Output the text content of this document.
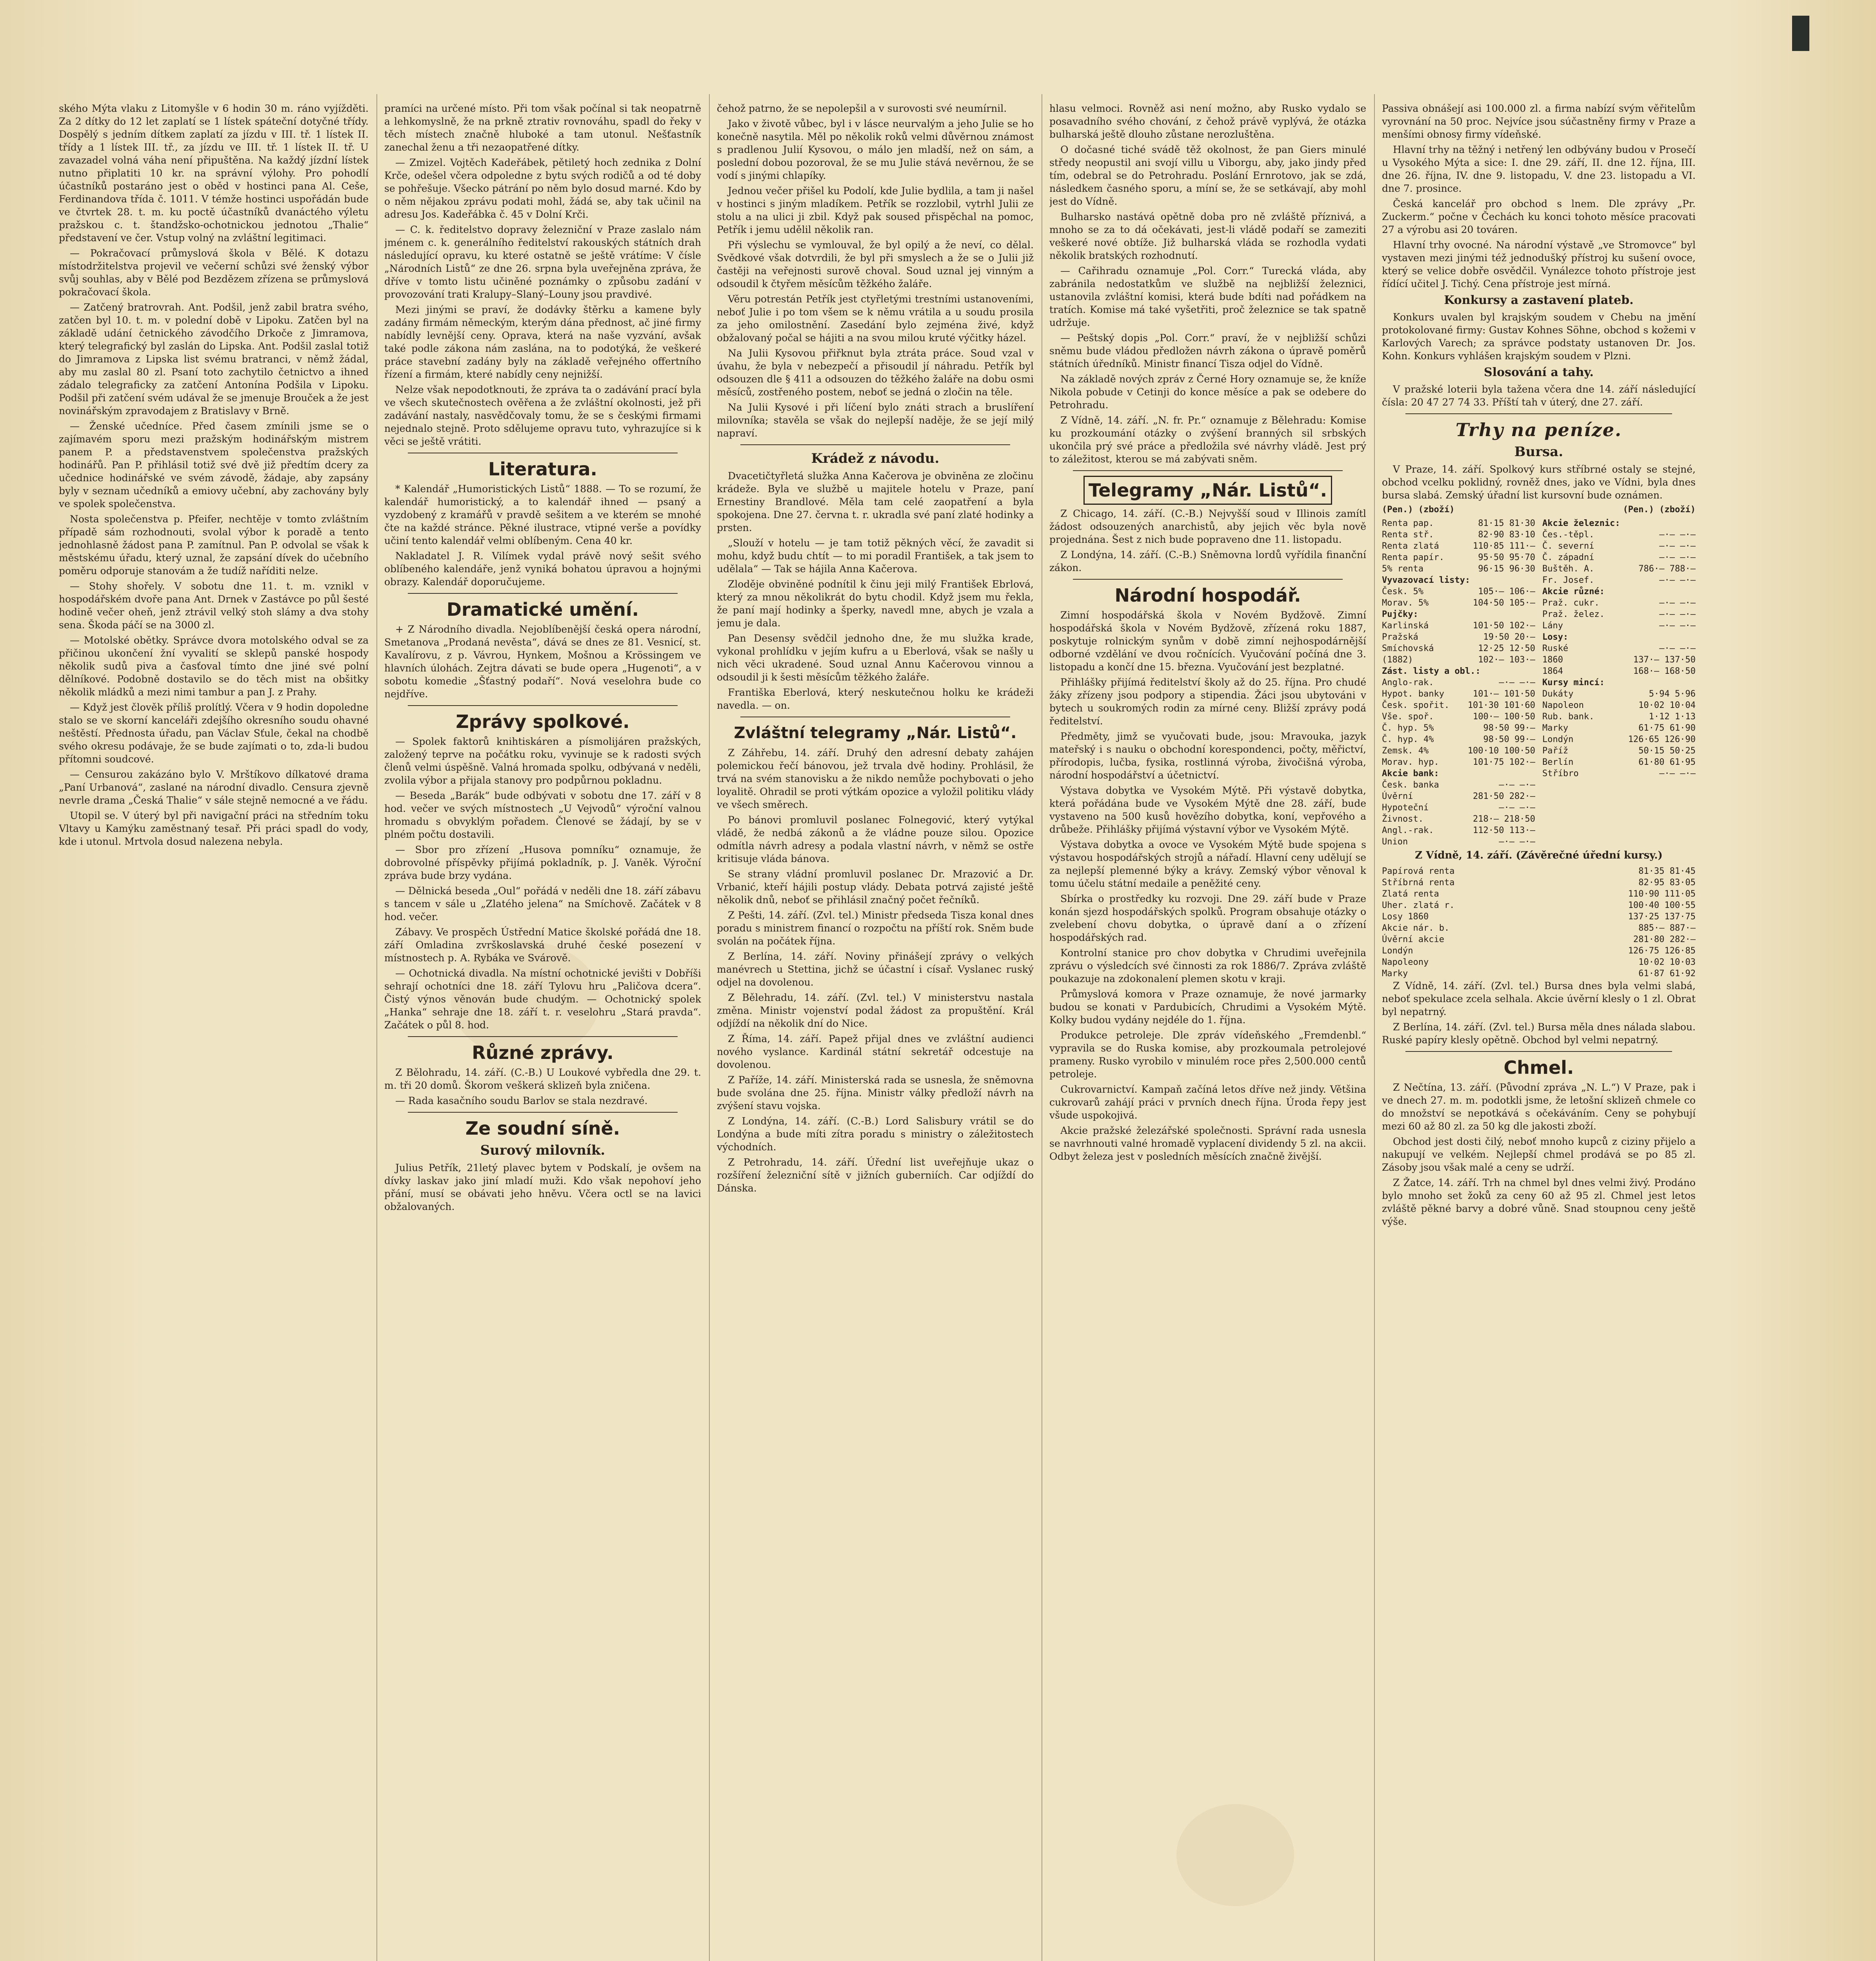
ského Mýta vlaku z Litomyšle v 6 hodin 30 m. ráno vyjížděti. Za 2 dítky do 12 let zaplatí se 1 lístek spáteční dotyčné třídy. Dospělý s jedním dítkem zaplatí za jízdu v III. tř. 1 lístek II. třídy a 1 lístek III. tř., za jízdu ve III. tř. 1 lístek II. tř. U zavazadel volná váha není připuštěna. Na každý jízdní lístek nutno připlatiti 10 kr. na správní výlohy. Pro pohodlí účastníků postaráno jest o oběd v hostinci pana Al. Ceše, Ferdinandova třída č. 1011. V témže hostinci uspořádán bude ve čtvrtek 28. t. m. ku poctě účastníků dvanáctého výletu pražskou c. t. štandžsko-ochotnickou jednotou „Thalie“ představení ve čer. Vstup volný na zvláštní legitimaci.

— Pokračovací průmyslová škola v Bělé. K dotazu místodržitelstva projevil ve večerní schůzi své ženský výbor svůj souhlas, aby v Bělé pod Bezdězem zřízena se průmyslová pokračovací škola.

— Zatčený bratrovrah. Ant. Podšil, jenž zabil bratra svého, zatčen byl 10. t. m. v polední době v Lipoku. Zatčen byl na základě udání četnického závodčího Drkoče z Jimramova, který telegrafický byl zaslán do Lipska. Ant. Podšil zaslal totiž do Jimramova z Lipska list svému bratranci, v němž žádal, aby mu zaslal 80 zl. Psaní toto zachytilo četnictvo a ihned zádalo telegraficky za zatčení Antonína Podšila v Lipoku. Podšil při zatčení svém udával že se jmenuje Brouček a že jest novinářským zpravodajem z Bratislavy v Brně.

— Ženské učedníce. Před časem zmínili jsme se o zajímavém sporu mezi pražským hodinářským mistrem panem P. a představenstvem společenstva pražských hodinářů. Pan P. přihlásil totiž své dvě již předtím dcery za učednice hodinářské ve svém závodě, žádaje, aby zapsány byly v seznam učedníků a emiovy učební, aby zachovány byly ve spolek společenstva.

Nosta společenstva p. Pfeifer, nechtěje v tomto zvláštním případě sám rozhodnouti, svolal výbor k poradě a tento jednohlasně žádost pana P. zamítnul. Pan P. odvolal se však k městskému úřadu, který uznal, že zapsání dívek do učebního poměru odporuje stanovám a že tudíž naříditi nelze.

— Stohy shořely. V sobotu dne 11. t. m. vznikl v hospodářském dvoře pana Ant. Drnek v Zastávce po půl šesté hodině večer oheň, jenž ztrávil velký stoh slámy a dva stohy sena. Škoda páčí se na 3000 zl.

— Motolské obětky. Správce dvora motolského odval se za přičinou ukončení žní vyvalití se sklepů panské hospody několik sudů piva a časťoval tímto dne jiné své polní dělníkové. Podobně dostavilo se do těch mist na obšitky několik mládků a mezi nimi tambur a pan J. z Prahy.

— Když jest člověk příliš prolítlý. Včera v 9 hodin dopoledne stalo se ve skorní kanceláři zdejšího okresního soudu ohavné neštěstí. Přednosta úřadu, pan Václav Sťule, čekal na chodbě svého okresu podávaje, že se bude zajímati o to, zda-li budou přítomni soudcové.

— Censurou zakázáno bylo V. Mrštíkovo dílkatové drama „Paní Urbanová“, zaslané na národní divadlo. Censura zjevně nevrle drama „Česká Thalie“ v sále stejně nemocné a ve řádu.

Utopil se. V úterý byl při navigační práci na středním toku Vltavy u Kamýku zaměstnaný tesař. Při práci spadl do vody, kde i utonul. Mrtvola dosud nalezena nebyla.

pramíci na určené místo. Při tom však počínal si tak neopatrně a lehkomyslně, že na prkně ztrativ rovnováhu, spadl do řeky v těch místech značně hluboké a tam utonul. Nešťastník zanechal ženu a tři nezaopatřené dítky.

— Zmizel. Vojtěch Kadeřábek, pětiletý hoch zednika z Dolní Krče, odešel včera odpoledne z bytu svých rodičů a od té doby se pohřešuje. Všecko pátrání po něm bylo dosud marné. Kdo by o něm nějakou zprávu podati mohl, žádá se, aby tak učinil na adresu Jos. Kadeřábka č. 45 v Dolní Krči.

— C. k. ředitelstvo dopravy železniční v Praze zaslalo nám jménem c. k. generálního ředitelství rakouských státních drah následující opravu, ku které ostatně se ještě vrátíme: V čísle „Národních Listů“ ze dne 26. srpna byla uveřejněna zpráva, že dříve v tomto listu učiněné poznámky o způsobu zadání v provozování trati Kralupy–Slaný–Louny jsou pravdivé.

Mezi jinými se praví, že dodávky štěrku a kamene byly zadány firmám německým, kterým dána přednost, ač jiné firmy nabídly levnější ceny. Oprava, která na naše vyzvání, avšak také podle zákona nám zaslána, na to podotýká, že veškeré práce stavební zadány byly na základě veřejného offertního řízení a firmám, které nabídly ceny nejnižší.

Nelze však nepodotknouti, že zpráva ta o zadávání prací byla ve všech skutečnostech ověřena a že zvláštní okolnosti, jež při zadávání nastaly, nasvědčovaly tomu, že se s českými firmami nejednalo stejně. Proto sdělujeme opravu tuto, vyhrazujíce si k věci se ještě vrátiti.

Literatura.

* Kalendář „Humoristických Listů“ 1888. — To se rozumí, že kalendář humoristický, a to kalendář ihned — psaný a vyzdobený z kramářů v pravdě sešitem a ve kterém se mnohé čte na každé stránce. Pěkné ilustrace, vtipné verše a povídky učiní tento kalendář velmi oblíbeným. Cena 40 kr.

Nakladatel J. R. Vilímek vydal právě nový sešit svého oblíbeného kalendáře, jenž vyniká bohatou úpravou a hojnými obrazy. Kalendář doporučujeme.

Dramatické umění.

+ Z Národního divadla. Nejoblíbenější česká opera národní, Smetanova „Prodaná nevěsta“, dává se dnes ze 81. Vesnicí, st. Kavalírovu, z p. Vávrou, Hynkem, Mošnou a Krössingem ve hlavních úlohách. Zejtra dávati se bude opera „Hugenoti“, a v sobotu komedie „Šťastný podaří“. Nová veselohra bude co nejdříve.

Zprávy spolkové.

— Spolek faktorů knihtiskáren a písmolijáren pražských, založený teprve na počátku roku, vyvinuje se k radosti svých členů velmi úspěšně. Valná hromada spolku, odbývaná v neděli, zvolila výbor a přijala stanovy pro podpůrnou pokladnu.

— Beseda „Barák“ bude odbývati v sobotu dne 17. září v 8 hod. večer ve svých místnostech „U Vejvodů“ výroční valnou hromadu s obvyklým pořadem. Členové se žádají, by se v plném počtu dostavili.

— Sbor pro zřízení „Husova pomníku“ oznamuje, že dobrovolné příspěvky přijímá pokladník, p. J. Vaněk. Výroční zpráva bude brzy vydána.

— Dělnická beseda „Oul“ pořádá v neděli dne 18. září zábavu s tancem v sále u „Zlatého jelena“ na Smíchově. Začátek v 8 hod. večer.

Zábavy. Ve prospěch Ústřední Matice školské pořádá dne 18. září Omladina zvrškoslavská druhé české posezení v místnostech p. A. Rybáka ve Svárově.

— Ochotnická divadla. Na místní ochotnické jevišti v Dobříši sehrají ochotníci dne 18. září Tylovu hru „Paličova dcera“. Čistý výnos věnován bude chudým. — Ochotnický spolek „Hanka“ sehraje dne 18. září t. r. veselohru „Stará pravda“. Začátek o půl 8. hod.

Různé zprávy.

Z Bělohradu, 14. září. (C.-B.) U Loukové vybředla dne 29. t. m. tři 20 domů. Škorom veškerá sklizeň byla zničena.

— Rada kasačního soudu Barlov se stala nezdravé.

Ze soudní síně.

Surový milovník.

Julius Petřík, 21letý plavec bytem v Podskalí, je ovšem na dívky laskav jako jiní mladí muži. Kdo však nepohoví jeho přání, musí se obávati jeho hněvu. Včera octl se na lavici obžalovaných.

čehož patrno, že se nepolepšil a v surovosti své neumírnil.

Jako v životě vůbec, byl i v lásce neurvalým a jeho Julie se ho konečně nasytila. Měl po několik roků velmi důvěrnou známost s pradlenou Julií Kysovou, o málo jen mladší, než on sám, a poslední dobou pozoroval, že se mu Julie stává nevěrnou, že se vodí s jinými chlapíky.

Jednou večer přišel ku Podolí, kde Julie bydlila, a tam ji našel v hostinci s jiným mladíkem. Petřík se rozzlobil, vytrhl Julii ze stolu a na ulici ji zbil. Když pak soused přispěchal na pomoc, Petřík i jemu udělil několik ran.

Při výslechu se vymlouval, že byl opilý a že neví, co dělal. Svědkové však dotvrdili, že byl při smyslech a že se o Julii již častěji na veřejnosti surově choval. Soud uznal jej vinným a odsoudil k čtyřem měsícům těžkého žaláře.

Věru potrestán Petřík jest ctyřletými trestními ustanoveními, neboť Julie i po tom všem se k němu vrátila a u soudu prosila za jeho omilostnění. Zasedání bylo zejména živé, když obžalovaný počal se hájiti a na svou milou kruté výčitky házel.

Na Julii Kysovou přiřknut byla ztráta práce. Soud vzal v úvahu, že byla v nebezpečí a přisoudil jí náhradu. Petřík byl odsouzen dle § 411 a odsouzen do těžkého žaláře na dobu osmi měsíců, zostřeného postem, neboť se jedná o zločin na těle.

Na Julii Kysové i při líčení bylo znáti strach a bruslíření milovníka; stavěla se však do nejlepší naděje, že se její milý napraví.

Krádež z návodu.

Dvacetičtyřletá služka Anna Kačerova je obviněna ze zločinu krádeže. Byla ve službě u majitele hotelu v Praze, paní Ernestiny Brandlové. Měla tam celé zaopatření a byla spokojena. Dne 27. června t. r. ukradla své paní zlaté hodinky a prsten.

„Slouží v hotelu — je tam totiž pěkných věcí, že zavadit si mohu, když budu chtít — to mi poradil František, a tak jsem to udělala“ — Tak se hájila Anna Kačerova.

Zloděje obviněné podnítil k činu jeji milý František Ebrlová, který za mnou několikrát do bytu chodil. Když jsem mu řekla, že paní mají hodinky a šperky, navedl mne, abych je vzala a jemu je dala.

Pan Desensy svědčil jednoho dne, že mu služka krade, vykonal prohlídku v jejím kufru a u Eberlová, však se našly u nich věci ukradené. Soud uznal Annu Kačerovou vinnou a odsoudil ji k šesti měsícům těžkého žaláře.

Františka Eberlová, který neskutečnou holku ke krádeži navedla. — on.

Zvláštní telegramy „Nár. Listů“.

Z Záhřebu, 14. září. Druhý den adresní debaty zahájen polemickou řečí bánovou, jež trvala dvě hodiny. Prohlásil, že trvá na svém stanovisku a že nikdo nemůže pochybovati o jeho loyalitě. Ohradil se proti výtkám opozice a vyložil politiku vlády ve všech směrech.

Po bánovi promluvil poslanec Folnegović, který vytýkal vládě, že nedbá zákonů a že vládne pouze silou. Opozice odmítla návrh adresy a podala vlastní návrh, v němž se ostře kritisuje vláda bánova.

Se strany vládní promluvil poslanec Dr. Mrazović a Dr. Vrbanić, kteří hájili postup vlády. Debata potrvá zajisté ještě několik dnů, neboť se přihlásil značný počet řečníků.

Z Pešti, 14. září. (Zvl. tel.) Ministr předseda Tisza konal dnes poradu s ministrem financí o rozpočtu na příští rok. Sněm bude svolán na počátek října.

Z Berlína, 14. září. Noviny přinášejí zprávy o velkých manévrech u Stettina, jichž se účastní i císař. Vyslanec ruský odjel na dovolenou.

Z Bělehradu, 14. září. (Zvl. tel.) V ministerstvu nastala změna. Ministr vojenství podal žádost za propuštění. Král odjíždí na několik dní do Nice.

Z Říma, 14. září. Papež přijal dnes ve zvláštní audienci nového vyslance. Kardinál státní sekretář odcestuje na dovolenou.

Z Paříže, 14. září. Ministerská rada se usnesla, že sněmovna bude svolána dne 25. října. Ministr války předloží návrh na zvýšení stavu vojska.

Z Londýna, 14. září. (C.-B.) Lord Salisbury vrátil se do Londýna a bude míti zítra poradu s ministry o záležitostech východních.

Z Petrohradu, 14. září. Úřední list uveřejňuje ukaz o rozšíření železniční sítě v jižních guberniích. Car odjíždí do Dánska.

hlasu velmoci. Rovněž asi není možno, aby Rusko vydalo se posavadního svého chování, z čehož právě vyplývá, že otázka bulharská ještě dlouho zůstane nerozluštěna.

O dočasné tiché svádě těž okolnost, že pan Giers minulé středy neopustil ani svojí villu u Viborgu, aby, jako jindy před tím, odebral se do Petrohradu. Poslání Ernrotovo, jak se zdá, následkem časného sporu, a míní se, že se setkávají, aby mohl jest do Vídně.

Bulharsko nastává opětně doba pro ně zvláště příznivá, a mnoho se za to dá očekávati, jest-li vládě podaří se zameziti veškeré nové obtíže. Již bulharská vláda se rozhodla vydati několik bratských rozhodnutí.

— Cařihradu oznamuje „Pol. Corr.“ Turecká vláda, aby zabránila nedostatkům ve službě na nejbližší železnici, ustanovila zvláštní komisi, která bude bdíti nad pořádkem na tratích. Komise má také vyšetřiti, proč železnice se tak spatně udržuje.

— Peštský dopis „Pol. Corr.“ praví, že v nejbližší schůzi sněmu bude vládou předložen návrh zákona o úpravě poměrů státních úředníků. Ministr financí Tisza odjel do Vídně.

Na základě nových zpráv z Černé Hory oznamuje se, že kníže Nikola pobude v Cetinji do konce měsíce a pak se odebere do Petrohradu.

Z Vídně, 14. září. „N. fr. Pr.“ oznamuje z Bělehradu: Komise ku prozkoumání otázky o zvýšení branných sil srbských ukončila prý své práce a předložila své návrhy vládě. Jest prý to záležitost, kterou se má zabývati sněm.

Telegramy „Nár. Listů“.

Z Chicago, 14. září. (C.-B.) Nejvyšší soud v Illinois zamítl žádost odsouzených anarchistů, aby jejich věc byla nově projednána. Šest z nich bude popraveno dne 11. listopadu.

Z Londýna, 14. září. (C.-B.) Sněmovna lordů vyřídila finanční zákon.

Národní hospodář.

Zimní hospodářská škola v Novém Bydžově. Zimní hospodářská škola v Novém Bydžově, zřízená roku 1887, poskytuje rolnickým synům v době zimní nejhospodárnější odborné vzdělání ve dvou ročnících. Vyučování počíná dne 3. listopadu a končí dne 15. března. Vyučování jest bezplatné.

Přihlášky přijímá ředitelství školy až do 25. října. Pro chudé žáky zřízeny jsou podpory a stipendia. Žáci jsou ubytováni v bytech u soukromých rodin za mírné ceny. Bližší zprávy podá ředitelství.

Předměty, jimž se vyučovati bude, jsou: Mravouka, jazyk mateřský i s nauku o obchodní korespondenci, počty, měřictví, přírodopis, lučba, fysika, rostlinná výroba, živočišná výroba, národní hospodářství a účetnictví.

Výstava dobytka ve Vysokém Mýtě. Při výstavě dobytka, která pořádána bude ve Vysokém Mýtě dne 28. září, bude vystaveno na 500 kusů hovězího dobytka, koní, vepřového a drůbeže. Přihlášky přijímá výstavní výbor ve Vysokém Mýtě.

Výstava dobytka a ovoce ve Vysokém Mýtě bude spojena s výstavou hospodářských strojů a nářadí. Hlavní ceny udělují se za nejlepší plemenné býky a krávy. Zemský výbor věnoval k tomu účelu státní medaile a peněžité ceny.

Sbírka o prostředky ku rozvoji. Dne 29. září bude v Praze konán sjezd hospodářských spolků. Program obsahuje otázky o zvelebení chovu dobytka, o úpravě daní a o zřízení hospodářských rad.

Kontrolní stanice pro chov dobytka v Chrudimi uveřejnila zprávu o výsledcích své činnosti za rok 1886/7. Zpráva zvláště poukazuje na zdokonalení plemen skotu v kraji.

Průmyslová komora v Praze oznamuje, že nové jarmarky budou se konati v Pardubicích, Chrudimi a Vysokém Mýtě. Kolky budou vydány nejdéle do 1. října.

Produkce petroleje. Dle zpráv vídeňského „Fremdenbl.“ vypravila se do Ruska komise, aby prozkoumala petrolejové prameny. Rusko vyrobilo v minulém roce přes 2,500.000 centů petroleje.

Cukrovarnictví. Kampaň začíná letos dříve než jindy. Většina cukrovarů zahájí práci v prvních dnech října. Úroda řepy jest všude uspokojivá.

Akcie pražské železářské společnosti. Správní rada usnesla se navrhnouti valné hromadě vyplacení dividendy 5 zl. na akcii. Odbyt železa jest v posledních měsících značně živější.

Passiva obnášejí asi 100.000 zl. a firma nabízí svým věřitelům vyrovnání na 50 proc. Nejvíce jsou súčastněny firmy v Praze a menšími obnosy firmy vídeňské.

Hlavní trhy na těžný i netřený len odbývány budou v Prosečí u Vysokého Mýta a sice: I. dne 29. září, II. dne 12. října, III. dne 26. října, IV. dne 9. listopadu, V. dne 23. listopadu a VI. dne 7. prosince.

Česká kancelář pro obchod s lnem. Dle zprávy „Pr. Zuckerm.“ počne v Čechách ku konci tohoto měsíce pracovati 27 a výrobu asi 20 továren.

Hlavní trhy ovocné. Na národní výstavě „ve Stromovce“ byl vystaven mezi jinými též jednodušký přístroj ku sušení ovoce, který se velice dobře osvědčil. Vynálezce tohoto přístroje jest řídící učitel J. Tichý. Cena přístroje jest mírná.

Konkursy a zastavení plateb.

Konkurs uvalen byl krajským soudem v Chebu na jmění protokolované firmy: Gustav Kohnes Söhne, obchod s kožemi v Karlových Varech; za správce podstaty ustanoven Dr. Jos. Kohn. Konkurs vyhlášen krajským soudem v Plzni.

Slosování a tahy.

V pražské loterii byla tažena včera dne 14. září následující čísla: 20 47 27 74 33. Příští tah v úterý, dne 27. září.

Trhy na peníze.

Bursa.

V Praze, 14. září. Spolkový kurs stříbrné ostaly se stejné, obchod vcelku poklidný, rovněž dnes, jako ve Vídni, byla dnes bursa slabá. Zemský úřadní list kursovní bude oznámen.

(Pen.) (zboží)	(Pen.) (zboží)
Renta pap.	81·15 81·30
Renta stř.	82·90 83·10
Renta zlatá	110·85 111·—
Renta papír.	95·50 95·70
5% renta	96·15 96·30
Vyvazovací listy:
Česk. 5%	105·— 106·—
Morav. 5%	104·50 105·—
Pujčky:
Karlinská	101·50 102·—
Pražská	19·50 20·—
Smíchovská	12·25 12·50
(1882)	102·— 103·—
Zást. listy a obl.:
Anglo-rak.	—·— —·—
Hypot. banky	101·— 101·50
Česk. spořit. 101·30 101·60
Vše. spoř.	100·— 100·50
Č. hyp. 5%	98·50 99·—
Č. hyp. 4%	98·50 99·—
Zemsk. 4%	100·10 100·50
Morav. hyp.	101·75 102·—
Akcie bank:
Česk. banka	—·— —·—
Úvěrní	281·50 282·—
Hypoteční	—·— —·—
Živnost.	218·— 218·50
Angl.-rak.	112·50 113·—
Union	—·— —·—
Akcie železnic:
Čes.-těpl.	—·— —·—
Č. severní	—·— —·—
Č. západní	—·— —·—
Buštěh. A.	786·— 788·—
Fr. Josef.	—·— —·—
Akcie různé:
Praž. cukr.	—·— —·—
Praž. želez.	—·— —·—
Lány	—·— —·—
Losy:
Ruské	—·— —·—
1860	137·— 137·50
1864	168·— 168·50
Kursy mincí:
Dukáty	5·94 5·96
Napoleon	10·02 10·04
Rub. bank.	1·12 1·13
Marky	61·75 61·90
Londýn	126·65 126·90
Paříž	50·15 50·25
Berlín	61·80 61·95
Stříbro	—·— —·—

Z Vídně, 14. září. (Závěrečné úřední kursy.)

Papírová renta	81·35 81·45
Stříbrná renta	82·95 83·05
Zlatá renta	110·90 111·05
Uher. zlatá r.	100·40 100·55
Losy 1860	137·25 137·75
Akcie nár. b.	885·— 887·—
Úvěrní akcie	281·80 282·—
Londýn	126·75 126·85
Napoleony	10·02 10·03
Marky	61·87 61·92

Z Vídně, 14. září. (Zvl. tel.) Bursa dnes byla velmi slabá, neboť spekulace zcela selhala. Akcie úvěrní klesly o 1 zl. Obrat byl nepatrný.

Z Berlína, 14. září. (Zvl. tel.) Bursa měla dnes nálada slabou. Ruské papíry klesly opětně. Obchod byl velmi nepatrný.

Chmel.

Z Nečtína, 13. září. (Původní zpráva „N. L.“) V Praze, pak i ve dnech 27. m. m. podotkli jsme, že letošní sklizeň chmele co do množství se nepotkává s očekáváním. Ceny se pohybují mezi 60 až 80 zl. za 50 kg dle jakosti zboží.

Obchod jest dosti čilý, neboť mnoho kupců z ciziny přijelo a nakupují ve velkém. Nejlepší chmel prodává se po 85 zl. Zásoby jsou však malé a ceny se udrží.

Z Žatce, 14. září. Trh na chmel byl dnes velmi živý. Prodáno bylo mnoho set žoků za ceny 60 až 95 zl. Chmel jest letos zvláště pěkné barvy a dobré vůně. Snad stoupnou ceny ještě výše.
